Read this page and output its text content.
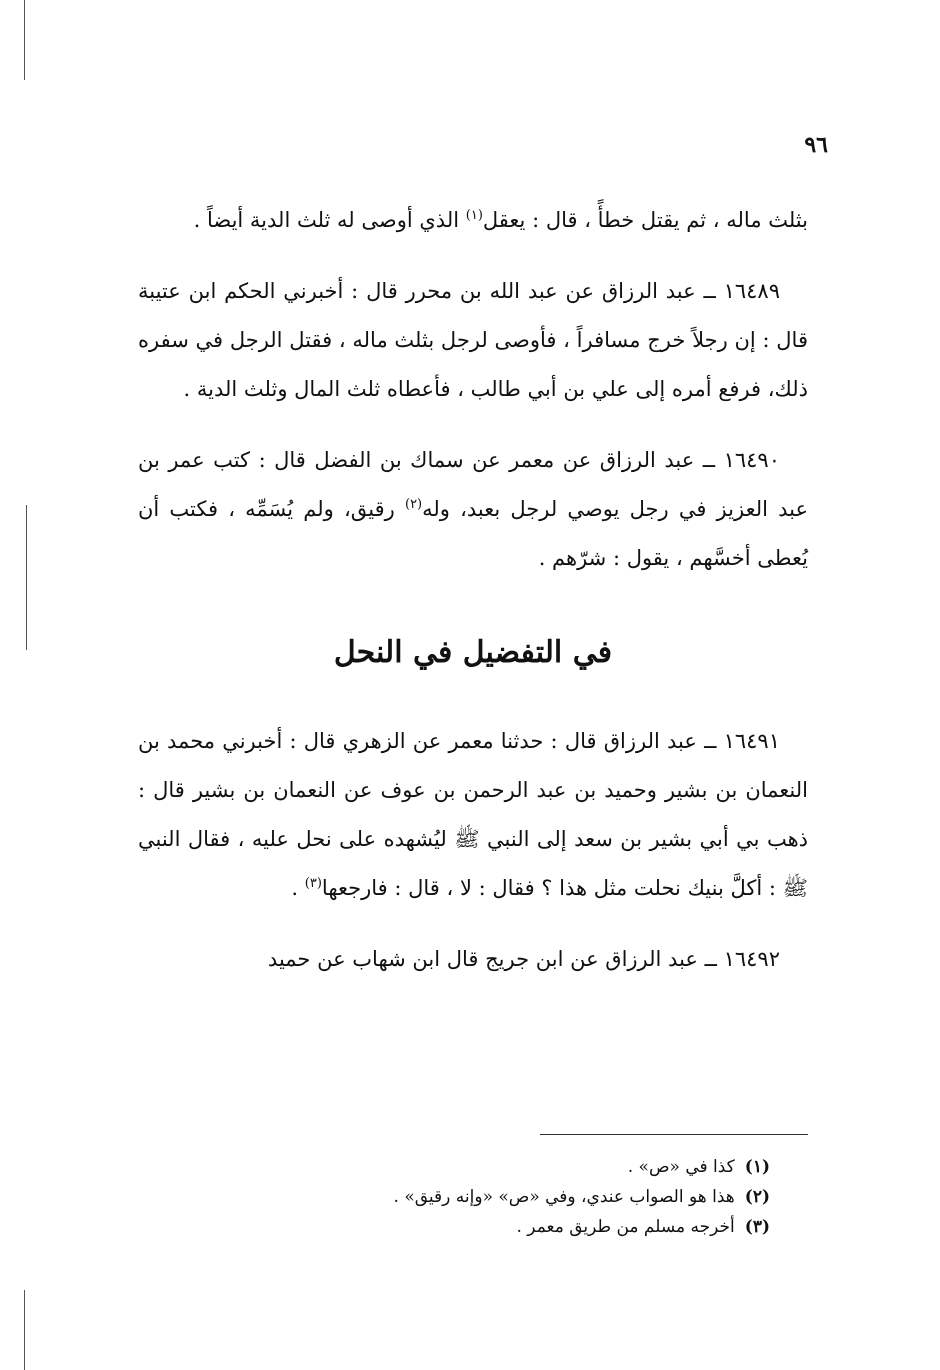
٩٦

بثلث ماله ، ثم يقتل خطأً ، قال : يعقل$^{(١)}$ الذي أوصى له ثلث الدية أيضاً .

١٦٤٨٩ ــ عبد الرزاق عن عبد الله بن محرر قال : أخبرني الحكم ابن عتيبة قال : إن رجلاً خرج مسافراً ، فأوصى لرجل بثلث ماله ، فقتل الرجل في سفره ذلك، فرفع أمره إلى علي بن أبي طالب ، فأعطاه ثلث المال وثلث الدية .

١٦٤٩٠ ــ عبد الرزاق عن معمر عن سماك بن الفضل قال : كتب عمر بن عبد العزيز في رجل يوصي لرجل بعبد، وله$^{(٢)}$ رقيق، ولم يُسَمِّه ، فكتب أن يُعطى أخسَّهم ، يقول : شرّهم .

في التفضيل في النحل

١٦٤٩١ ــ عبد الرزاق قال : حدثنا معمر عن الزهري قال : أخبرني محمد بن النعمان بن بشير وحميد بن عبد الرحمن بن عوف عن النعمان بن بشير قال : ذهب بي أبي بشير بن سعد إلى النبي ﷺ ليُشهده على نحل عليه ، فقال النبي ﷺ : أكلَّ بنيك نحلت مثل هذا ؟ فقال : لا ، قال : فارجعها$^{(٣)}$ .

١٦٤٩٢ ــ عبد الرزاق عن ابن جريج قال ابن شهاب عن حميد

(١)كذا في «ص» .
(٢)هذا هو الصواب عندي، وفي «ص» «وإنه رقيق» .
(٣)أخرجه مسلم من طريق معمر .
